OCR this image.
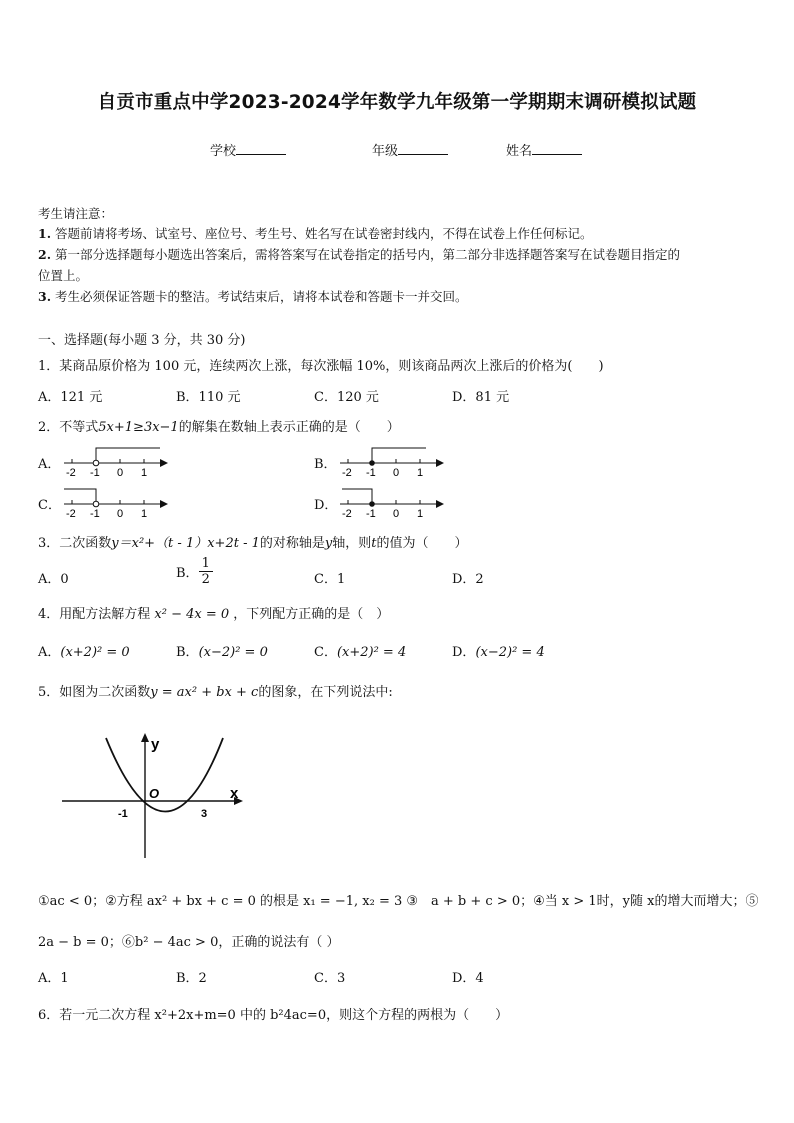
自贡市重点中学2023-2024学年数学九年级第一学期期末调研模拟试题
学校	年级	姓名
考生请注意：
1. 答题前请将考场、试室号、座位号、考生号、姓名写在试卷密封线内，不得在试卷上作任何标记。
2. 第一部分选择题每小题选出答案后，需将答案写在试卷指定的括号内，第二部分非选择题答案写在试卷题目指定的
位置上。
3. 考生必须保证答题卡的整洁。考试结束后，请将本试卷和答题卡一并交回。
一、选择题(每小题 3 分，共 30 分)
1．某商品原价格为 100 元，连续两次上涨，每次涨幅 10%，则该商品两次上涨后的价格为(　　)
A．121 元	B．110 元	C．120 元	D．81 元
2．不等式5x+1≥3x−1的解集在数轴上表示正确的是（　　）
A．	B．
C．	D．
-2 -1 0 1	-2 -1 0 1
-2 -1 0 1	-2 -1 0 1
3．二次函数y＝x²+（t - 1）x+2t - 1的对称轴是y轴，则t的值为（　　）
A．0	B． $\frac{1}{2}$	C．1	D．2
4．用配方法解方程 x² − 4x = 0 ，下列配方正确的是（　）
A．(x+2)² = 0	B．(x−2)² = 0	C．(x+2)² = 4	D．(x−2)² = 4
5．如图为二次函数y = ax² + bx + c的图象，在下列说法中:
y
x
O
-1	3
①ac < 0；②方程 ax² + bx + c = 0 的根是 x₁ = −1, x₂ = 3 ③　a + b + c > 0；④当 x > 1时，y随 x的增大而增大；⑤
2a − b = 0；⑥b² − 4ac > 0，正确的说法有（ ）
A．1	B．2	C．3	D．4
6．若一元二次方程 x²+2x+m=0 中的 b²4ac=0，则这个方程的两根为（　　）
